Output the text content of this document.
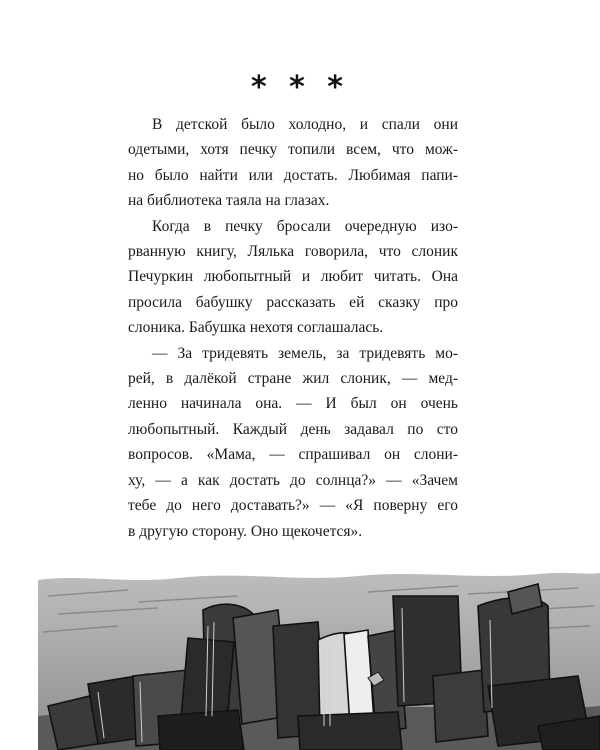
* * *
В детской было холодно, и спали они
одетыми, хотя печку топили всем, что мож-
но было найти или достать. Любимая папи-
на библиотека таяла на глазах.
Когда в печку бросали очередную изо-
рванную книгу, Лялька говорила, что слоник
Печуркин любопытный и любит читать. Она
просила бабушку рассказать ей сказку про
слоника. Бабушка нехотя соглашалась.
— За тридевять земель, за тридевять мо-
рей, в далёкой стране жил слоник, — мед-
ленно начинала она. — И был он очень
любопытный. Каждый день задавал по сто
вопросов. «Мама, — спрашивал он слони-
ху, — а как достать до солнца?» — «Зачем
тебе до него доставать?» — «Я поверну его
в другую сторону. Оно щекочется».
